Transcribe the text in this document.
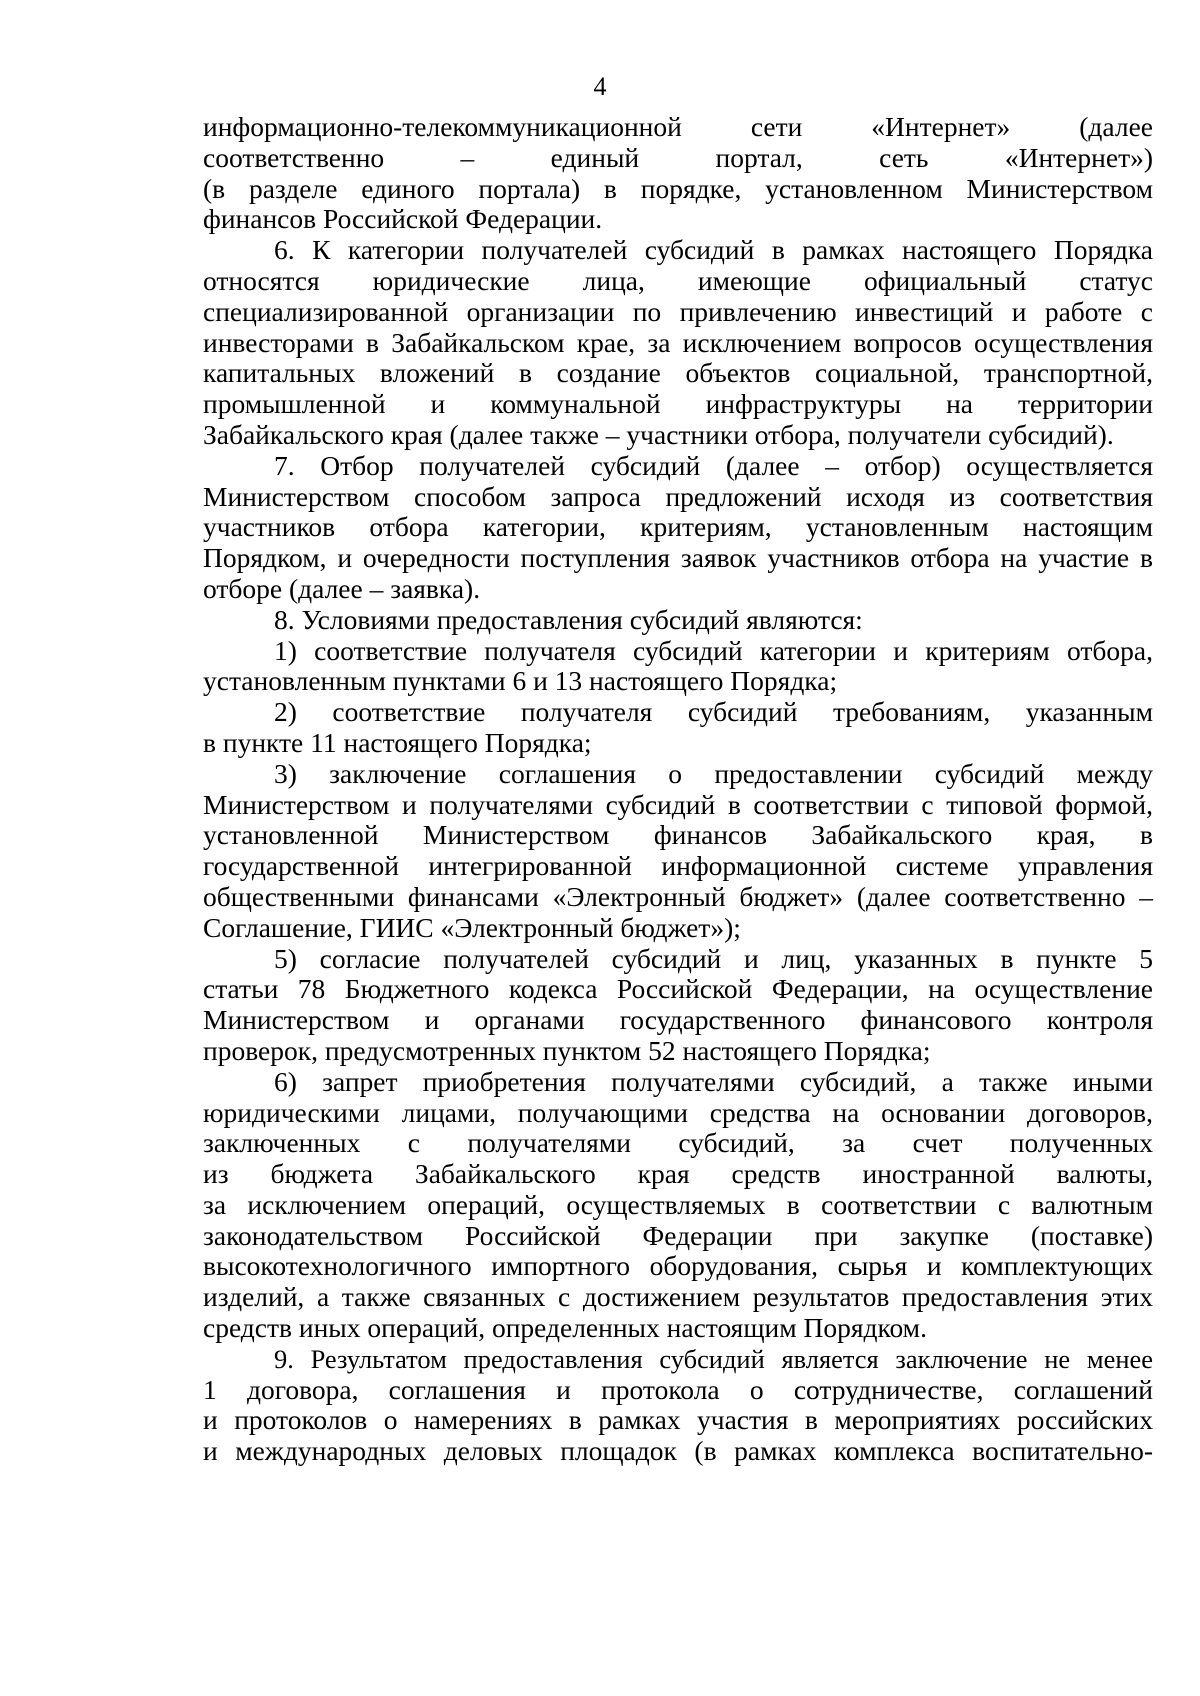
4
информационно-телекоммуникационной сети «Интернет» (далее
соответственно – единый портал, сеть «Интернет»)
(в разделе единого портала) в порядке, установленном Министерством
финансов Российской Федерации.
6. К категории получателей субсидий в рамках настоящего Порядка
относятся юридические лица, имеющие официальный статус
специализированной организации по привлечению инвестиций и работе с
инвесторами в Забайкальском крае, за исключением вопросов осуществления
капитальных вложений в создание объектов социальной, транспортной,
промышленной и коммунальной инфраструктуры на территории
Забайкальского края (далее также – участники отбора, получатели субсидий).
7. Отбор получателей субсидий (далее – отбор) осуществляется
Министерством способом запроса предложений исходя из соответствия
участников отбора категории, критериям, установленным настоящим
Порядком, и очередности поступления заявок участников отбора на участие в
отборе (далее – заявка).
8. Условиями предоставления субсидий являются:
1) соответствие получателя субсидий категории и критериям отбора,
установленным пунктами 6 и 13 настоящего Порядка;
2) соответствие получателя субсидий требованиям, указанным
в пункте 11 настоящего Порядка;
3) заключение соглашения о предоставлении субсидий между
Министерством и получателями субсидий в соответствии с типовой формой,
установленной Министерством финансов Забайкальского края, в
государственной интегрированной информационной системе управления
общественными финансами «Электронный бюджет» (далее соответственно –
Соглашение, ГИИС «Электронный бюджет»);
5) согласие получателей субсидий и лиц, указанных в пункте 5
статьи 78 Бюджетного кодекса Российской Федерации, на осуществление
Министерством и органами государственного финансового контроля
проверок, предусмотренных пунктом 52 настоящего Порядка;
6) запрет приобретения получателями субсидий, а также иными
юридическими лицами, получающими средства на основании договоров,
заключенных с получателями субсидий, за счет полученных
из бюджета Забайкальского края средств иностранной валюты,
за исключением операций, осуществляемых в соответствии с валютным
законодательством Российской Федерации при закупке (поставке)
высокотехнологичного импортного оборудования, сырья и комплектующих
изделий, а также связанных с достижением результатов предоставления этих
средств иных операций, определенных настоящим Порядком.
9. Результатом предоставления субсидий является заключение не менее
1 договора, соглашения и протокола о сотрудничестве, соглашений
и протоколов о намерениях в рамках участия в мероприятиях российских
и международных деловых площадок (в рамках комплекса воспитательно-
